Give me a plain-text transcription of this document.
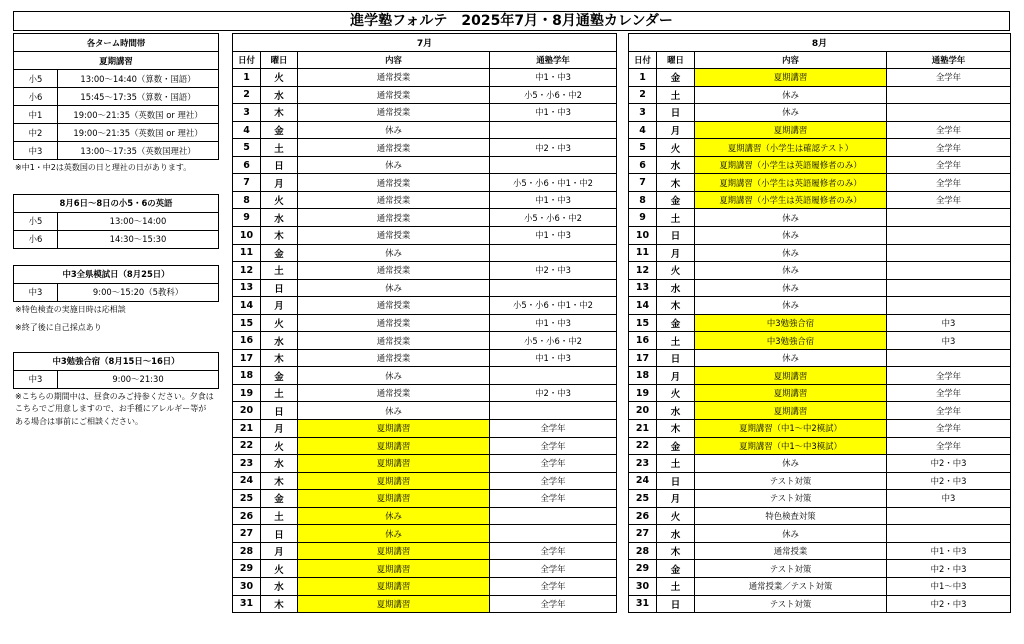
進学塾フォルテ　2025年7月・8月通塾カレンダー
各ターム時間帯	
夏期講習	
小5	13:00～14:40（算数・国語）
小6	15:45～17:35（算数・国語）
中1	19:00～21:35（英数国 or 理社）
中2	19:00～21:35（英数国 or 理社）
中3	13:00～17:35（英数国理社）
※中1・中2は英数国の日と理社の日があります。
8月6日～8日の小5・6の英語	
小5	13:00～14:00
小6	14:30～15:30
中3全県模試日（8月25日）
中3	9:00～15:20（5教科）
※特色検査の実施日時は応相談
※終了後に自己採点あり
中3勉強合宿（8月15日～16日）
中3	9:00～21:30
※こちらの期間中は、昼食のみご持参ください。夕食は
こちらでご用意しますので、お手種にアレルギー等が
ある場合は事前にご相談ください。
7月			
日付	曜日	内容	通塾学年
1	火	通常授業	中1・中3
2	水	通常授業	小5・小6・中2
3	木	通常授業	中1・中3
4	金	休み	
5	土	通常授業	中2・中3
6	日	休み	
7	月	通常授業	小5・小6・中1・中2
8	火	通常授業	中1・中3
9	水	通常授業	小5・小6・中2
10	木	通常授業	中1・中3
11	金	休み	
12	土	通常授業	中2・中3
13	日	休み	
14	月	通常授業	小5・小6・中1・中2
15	火	通常授業	中1・中3
16	水	通常授業	小5・小6・中2
17	木	通常授業	中1・中3
18	金	休み	
19	土	通常授業	中2・中3
20	日	休み	
21	月	夏期講習	全学年
22	火	夏期講習	全学年
23	水	夏期講習	全学年
24	木	夏期講習	全学年
25	金	夏期講習	全学年
26	土	休み	
27	日	休み	
28	月	夏期講習	全学年
29	火	夏期講習	全学年
30	水	夏期講習	全学年
31	木	夏期講習	全学年
8月			
日付	曜日	内容	通塾学年
1	金	夏期講習	全学年
2	土	休み	
3	日	休み	
4	月	夏期講習	全学年
5	火	夏期講習（小学生は確認テスト）	全学年
6	水	夏期講習（小学生は英語履修者のみ）	全学年
7	木	夏期講習（小学生は英語履修者のみ）	全学年
8	金	夏期講習（小学生は英語履修者のみ）	全学年
9	土	休み	
10	日	休み	
11	月	休み	
12	火	休み	
13	水	休み	
14	木	休み	
15	金	中3勉強合宿	中3
16	土	中3勉強合宿	中3
17	日	休み	
18	月	夏期講習	全学年
19	火	夏期講習	全学年
20	水	夏期講習	全学年
21	木	夏期講習（中1～中2模試）	全学年
22	金	夏期講習（中1～中3模試）	全学年
23	土	休み	中2・中3
24	日	テスト対策	中2・中3
25	月	テスト対策	中3
26	火	特色検査対策	
27	水	休み	
28	木	通常授業	中1・中3
29	金	テスト対策	中2・中3
30	土	通常授業／テスト対策	中1～中3
31	日	テスト対策	中2・中3
